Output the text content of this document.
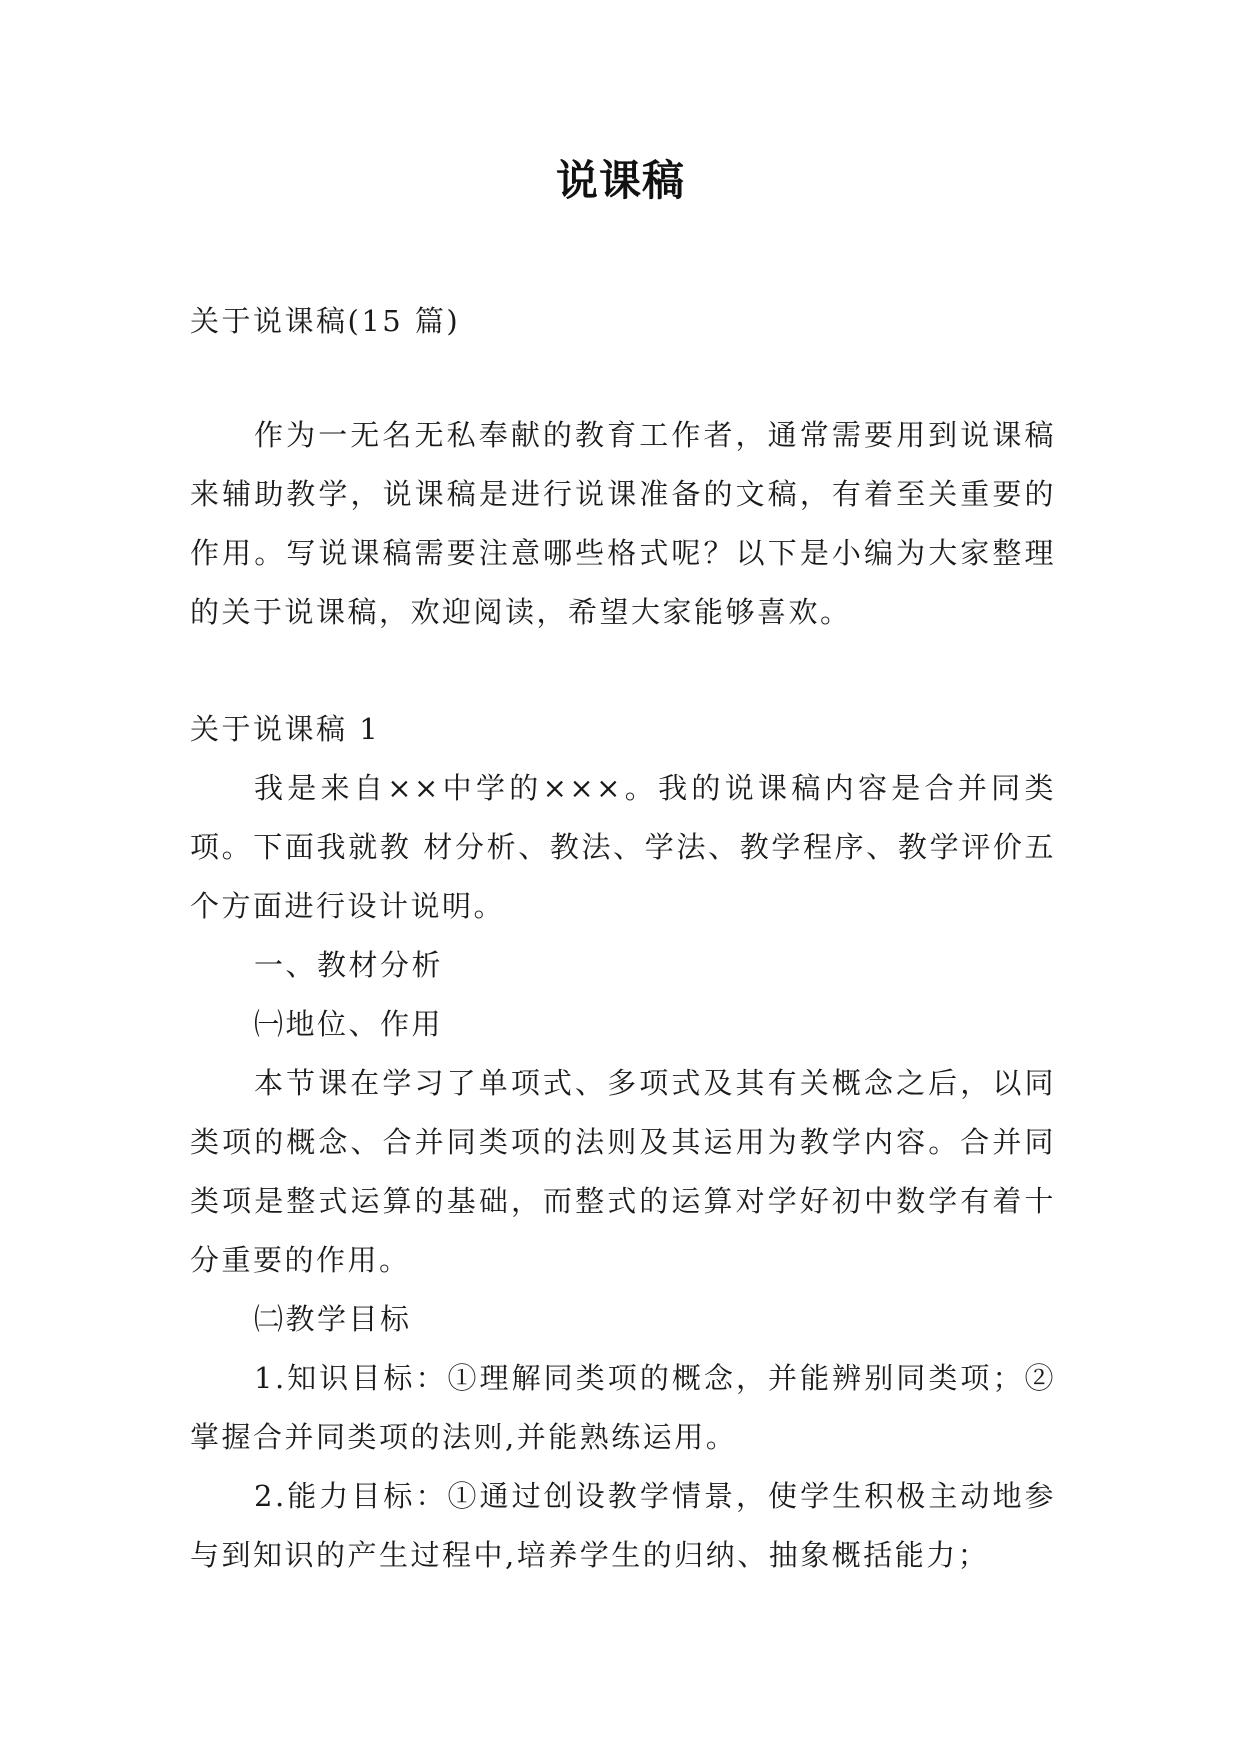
说课稿

关于说课稿(15 篇)

作为一无名无私奉献的教育工作者，通常需要用到说课稿来辅助教学，说课稿是进行说课准备的文稿，有着至关重要的作用。写说课稿需要注意哪些格式呢？以下是小编为大家整理的关于说课稿，欢迎阅读，希望大家能够喜欢。

关于说课稿 1

我是来自××中学的×××。我的说课稿内容是合并同类项。下面我就教 材分析、教法、学法、教学程序、教学评价五个方面进行设计说明。

一、教材分析

㈠地位、作用

本节课在学习了单项式、多项式及其有关概念之后，以同类项的概念、合并同类项的法则及其运用为教学内容。合并同类项是整式运算的基础，而整式的运算对学好初中数学有着十分重要的作用。

㈡教学目标

1.知识目标：①理解同类项的概念，并能辨别同类项；② 掌握合并同类项的法则,并能熟练运用。

2.能力目标：①通过创设教学情景，使学生积极主动地参与到知识的产生过程中,培养学生的归纳、抽象概括能力；
